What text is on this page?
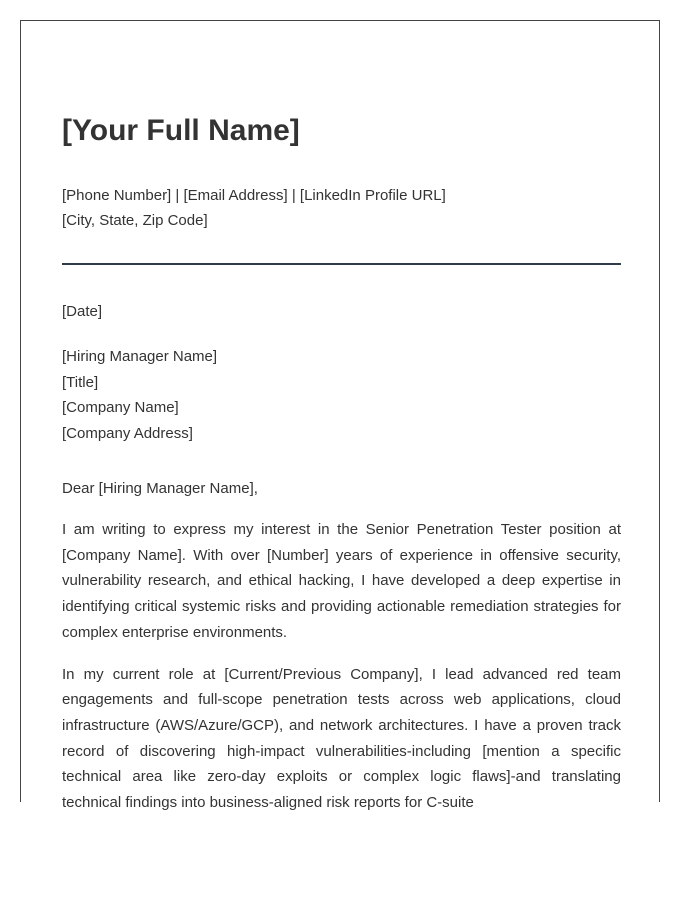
[Your Full Name]
[Phone Number] | [Email Address] | [LinkedIn Profile URL]
[City, State, Zip Code]
[Date]
[Hiring Manager Name]
[Title]
[Company Name]
[Company Address]
Dear [Hiring Manager Name],

I am writing to express my interest in the Senior Penetration Tester position at [Company Name]. With over [Number] years of experience in offensive security, vulnerability research, and ethical hacking, I have developed a deep expertise in identifying critical systemic risks and providing actionable remediation strategies for complex enterprise environments.

In my current role at [Current/Previous Company], I lead advanced red team engagements and full-scope penetration tests across web applications, cloud infrastructure (AWS/Azure/GCP), and network architectures. I have a proven track record of discovering high-impact vulnerabilities-including [mention a specific technical area like zero-day exploits or complex logic flaws]-and translating technical findings into business-aligned risk reports for C-suite
